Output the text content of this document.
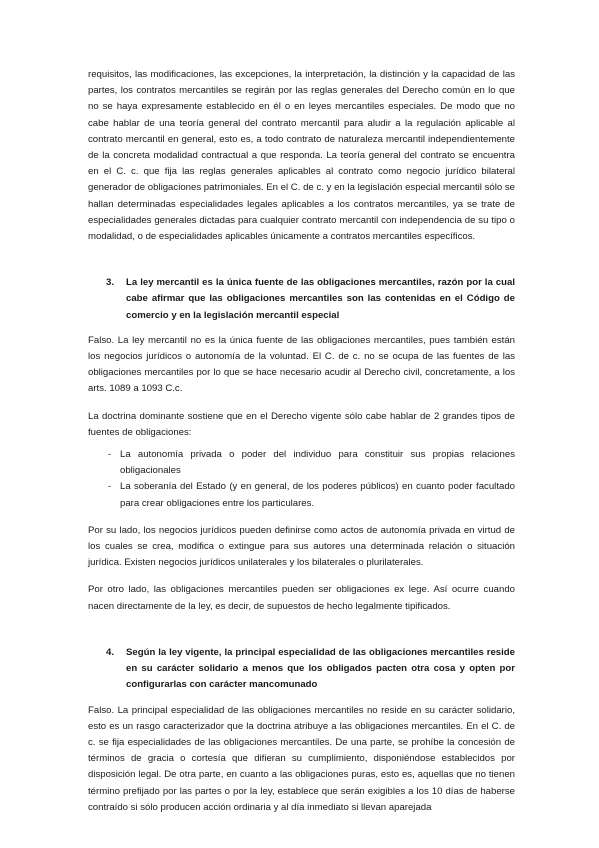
requisitos, las modificaciones, las excepciones, la interpretación, la distinción y la capacidad de las partes, los contratos mercantiles se regirán por las reglas generales del Derecho común en lo que no se haya expresamente establecido en él o en leyes mercantiles especiales. De modo que no cabe hablar de una teoría general del contrato mercantil para aludir a la regulación aplicable al contrato mercantil en general, esto es, a todo contrato de naturaleza mercantil independientemente de la concreta modalidad contractual a que responda. La teoría general del contrato se encuentra en el C. c. que fija las reglas generales aplicables al contrato como negocio jurídico bilateral generador de obligaciones patrimoniales. En el C. de c. y en la legislación especial mercantil sólo se hallan determinadas especialidades legales aplicables a los contratos mercantiles, ya se trate de especialidades generales dictadas para cualquier contrato mercantil con independencia de su tipo o modalidad, o de especialidades aplicables únicamente a contratos mercantiles específicos.

3.	La ley mercantil es la única fuente de las obligaciones mercantiles, razón por la cual cabe afirmar que las obligaciones mercantiles son las contenidas en el Código de comercio y en la legislación mercantil especial

Falso. La ley mercantil no es la única fuente de las obligaciones mercantiles, pues también están los negocios jurídicos o autonomía de la voluntad. El C. de c. no se ocupa de las fuentes de las obligaciones mercantiles por lo que se hace necesario acudir al Derecho civil, concretamente, a los arts. 1089 a 1093 C.c.

La doctrina dominante sostiene que en el Derecho vigente sólo cabe hablar de 2 grandes tipos de fuentes de obligaciones:

- La autonomía privada o poder del individuo para constituir sus propias relaciones obligacionales
- La soberanía del Estado (y en general, de los poderes públicos) en cuanto poder facultado para crear obligaciones entre los particulares.

Por su lado, los negocios jurídicos pueden definirse como actos de autonomía privada en virtud de los cuales se crea, modifica o extingue para sus autores una determinada relación o situación jurídica. Existen negocios jurídicos unilaterales y los bilaterales o plurilaterales.

Por otro lado, las obligaciones mercantiles pueden ser obligaciones ex lege. Así ocurre cuando nacen directamente de la ley, es decir, de supuestos de hecho legalmente tipificados.

4.	Según la ley vigente, la principal especialidad de las obligaciones mercantiles reside en su carácter solidario a menos que los obligados pacten otra cosa y opten por configurarlas con carácter mancomunado

Falso. La principal especialidad de las obligaciones mercantiles no reside en su carácter solidario, esto es un rasgo caracterizador que la doctrina atribuye a las obligaciones mercantiles. En el C. de c. se fija especialidades de las obligaciones mercantiles. De una parte, se prohíbe la concesión de términos de gracia o cortesía que difieran su cumplimiento, disponiéndose establecidos por disposición legal. De otra parte, en cuanto a las obligaciones puras, esto es, aquellas que no tienen término prefijado por las partes o por la ley, establece que serán exigibles a los 10 días de haberse contraído si sólo producen acción ordinaria y al día inmediato si llevan aparejada
